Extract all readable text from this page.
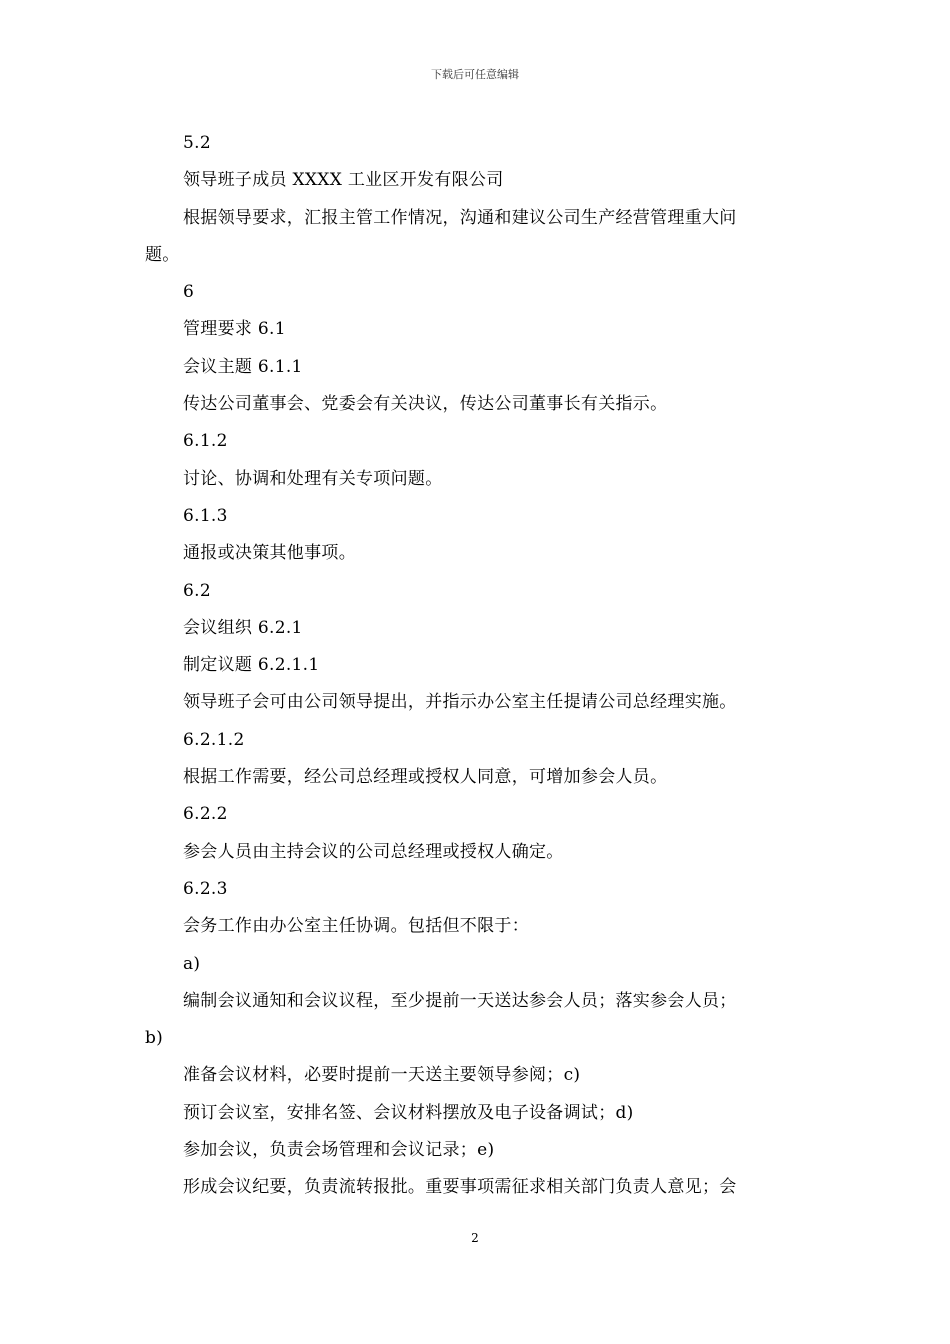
下载后可任意编辑
5.2
领导班子成员 XXXX 工业区开发有限公司
根据领导要求，汇报主管工作情况，沟通和建议公司生产经营管理重大问
题。
6
管理要求 6.1
会议主题 6.1.1
传达公司董事会、党委会有关决议，传达公司董事长有关指示。
6.1.2
讨论、协调和处理有关专项问题。
6.1.3
通报或决策其他事项。
6.2
会议组织 6.2.1
制定议题 6.2.1.1
领导班子会可由公司领导提出，并指示办公室主任提请公司总经理实施。
6.2.1.2
根据工作需要，经公司总经理或授权人同意，可增加参会人员。
6.2.2
参会人员由主持会议的公司总经理或授权人确定。
6.2.3
会务工作由办公室主任协调。包括但不限于：
a)
编制会议通知和会议议程，至少提前一天送达参会人员；落实参会人员；
b)
准备会议材料，必要时提前一天送主要领导参阅；c)
预订会议室，安排名签、会议材料摆放及电子设备调试；d)
参加会议，负责会场管理和会议记录；e)
形成会议纪要，负责流转报批。重要事项需征求相关部门负责人意见；会
2
